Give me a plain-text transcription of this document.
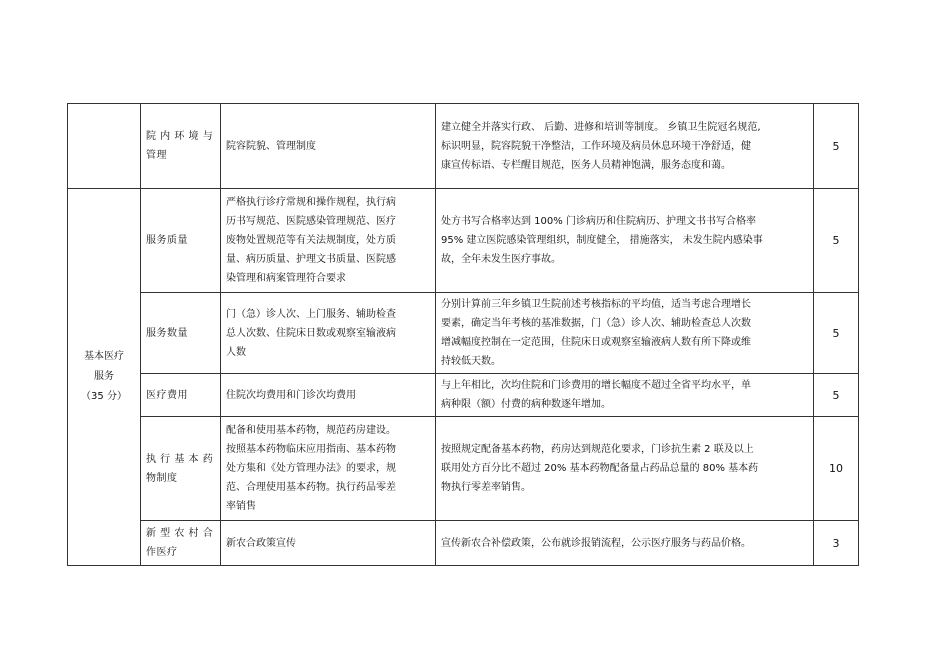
	院 内 环 境 与
管理	院容院貌、管理制度	建立健全并落实行政、 后勤、进修和培训等制度。 乡镇卫生院冠名规范,
标识明显，院容院貌干净整洁，工作环境及病员休息环境干净舒适，健
康宣传标语、专栏醒目规范，医务人员精神饱满，服务态度和蔼。	5
基本医疗
服务
（35 分）	服务质量	严格执行诊疗常规和操作规程，执行病
历书写规范、医院感染管理规范、医疗
废物处置规范等有关法规制度，处方质
量、病历质量、护理文书质量、医院感
染管理和病案管理符合要求	处方书写合格率达到 100% 门诊病历和住院病历、护理文书书写合格率
95% 建立医院感染管理组织，制度健全， 措施落实， 未发生院内感染事
故，全年未发生医疗事故。	5
	服务数量	门（急）诊人次、上门服务、辅助检查
总人次数、住院床日数或观察室输液病
人数	分别计算前三年乡镇卫生院前述考核指标的平均值，适当考虑合理增长
要素，确定当年考核的基准数据，门（急）诊人次、辅助检查总人次数
增减幅度控制在一定范围，住院床日或观察室输液病人数有所下降或维
持较低天数。	5
	医疗费用	住院次均费用和门诊次均费用	与上年相比，次均住院和门诊费用的增长幅度不超过全省平均水平，单
病种限（额）付费的病种数逐年增加。	5
	执 行 基 本 药
物制度	配备和使用基本药物，规范药房建设。
按照基本药物临床应用指南、基本药物
处方集和《处方管理办法》的要求，规
范、合理使用基本药物。执行药品零差
率销售	按照规定配备基本药物，药房达到规范化要求，门诊抗生素 2 联及以上
联用处方百分比不超过 20% 基本药物配备量占药品总量的 80% 基本药
物执行零差率销售。	10
	新 型 农 村 合
作医疗	新农合政策宣传	宣传新农合补偿政策，公布就诊报销流程，公示医疗服务与药品价格。	3
